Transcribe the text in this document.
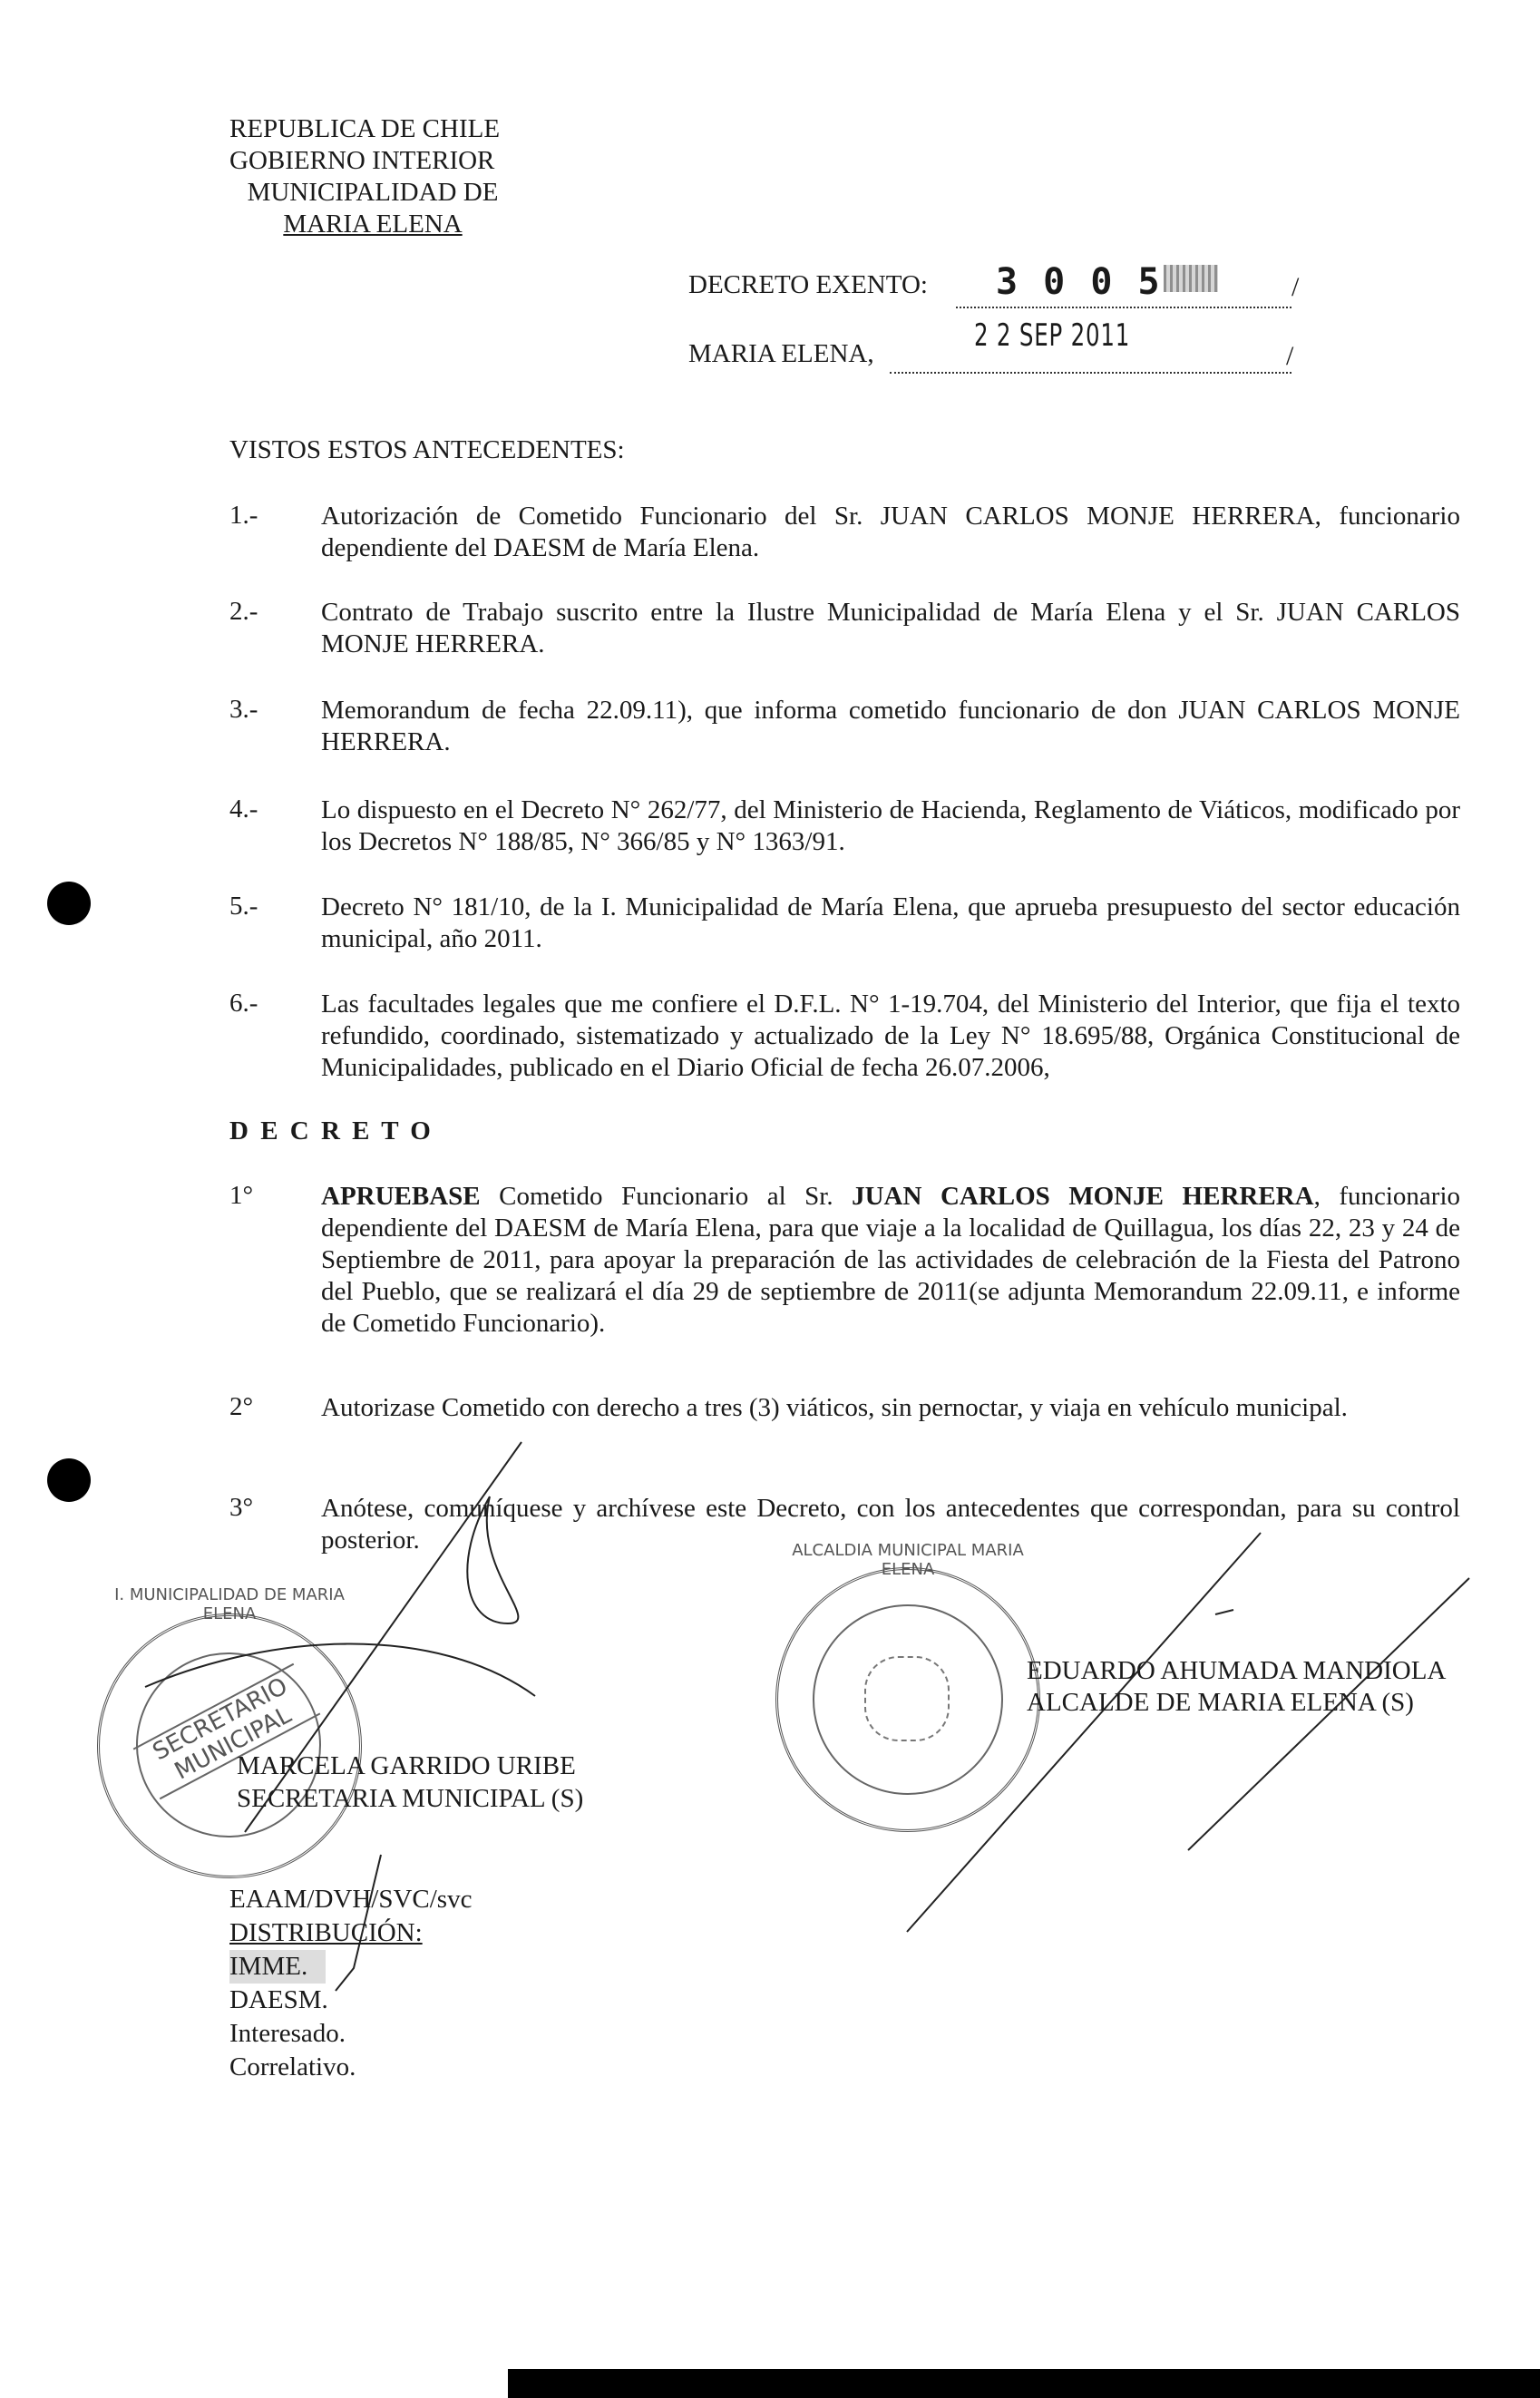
REPUBLICA DE CHILE
GOBIERNO INTERIOR
MUNICIPALIDAD DE
MARIA ELENA
DECRETO EXENTO: 3 0 0 5	/
MARIA ELENA,	2 2 SEP 2011
/
VISTOS ESTOS ANTECEDENTES:
1.- Autorización de Cometido Funcionario del Sr. JUAN CARLOS MONJE HERRERA, funcionario dependiente del DAESM de María Elena.
2.- Contrato de Trabajo suscrito entre la Ilustre Municipalidad de María Elena y el Sr. JUAN CARLOS MONJE HERRERA.
3.- Memorandum de fecha 22.09.11), que informa cometido funcionario de don JUAN CARLOS MONJE HERRERA.
4.- Lo dispuesto en el Decreto N° 262/77, del Ministerio de Hacienda, Reglamento de Viáticos, modificado por los Decretos N° 188/85, N° 366/85 y N° 1363/91.
5.- Decreto N° 181/10, de la I. Municipalidad de María Elena, que aprueba presupuesto del sector educación municipal, año 2011.
6.- Las facultades legales que me confiere el D.F.L. N° 1-19.704, del Ministerio del Interior, que fija el texto refundido, coordinado, sistematizado y actualizado de la Ley N° 18.695/88, Orgánica Constitucional de Municipalidades, publicado en el Diario Oficial de fecha 26.07.2006,
D E C R E T O
1°	APRUEBASE Cometido Funcionario al Sr. JUAN CARLOS MONJE HERRERA, funcionario dependiente del DAESM de María Elena, para que viaje a la localidad de Quillagua, los días 22, 23 y 24 de Septiembre de 2011, para apoyar la preparación de las actividades de celebración de la Fiesta del Patrono del Pueblo, que se realizará el día 29 de septiembre de 2011(se adjunta Memorandum 22.09.11, e informe de Cometido Funcionario).
2°	Autorizase Cometido con derecho a tres (3) viáticos, sin pernoctar, y viaja en vehículo municipal.
3°	Anótese, comuníquese y archívese este Decreto, con los antecedentes que correspondan, para su control posterior.
SECRETARIO MUNICIPAL
I. MUNICIPALIDAD DE MARIA ELENA
ALCALDIA MUNICIPAL MARIA ELENA
MARCELA GARRIDO URIBE
SECRETARIA MUNICIPAL (S)
EDUARDO AHUMADA MANDIOLA
ALCALDE DE MARIA ELENA (S)
EAAM/DVH/SVC/svc
DISTRIBUCIÓN:
IMME.
DAESM.
Interesado.
Correlativo.
